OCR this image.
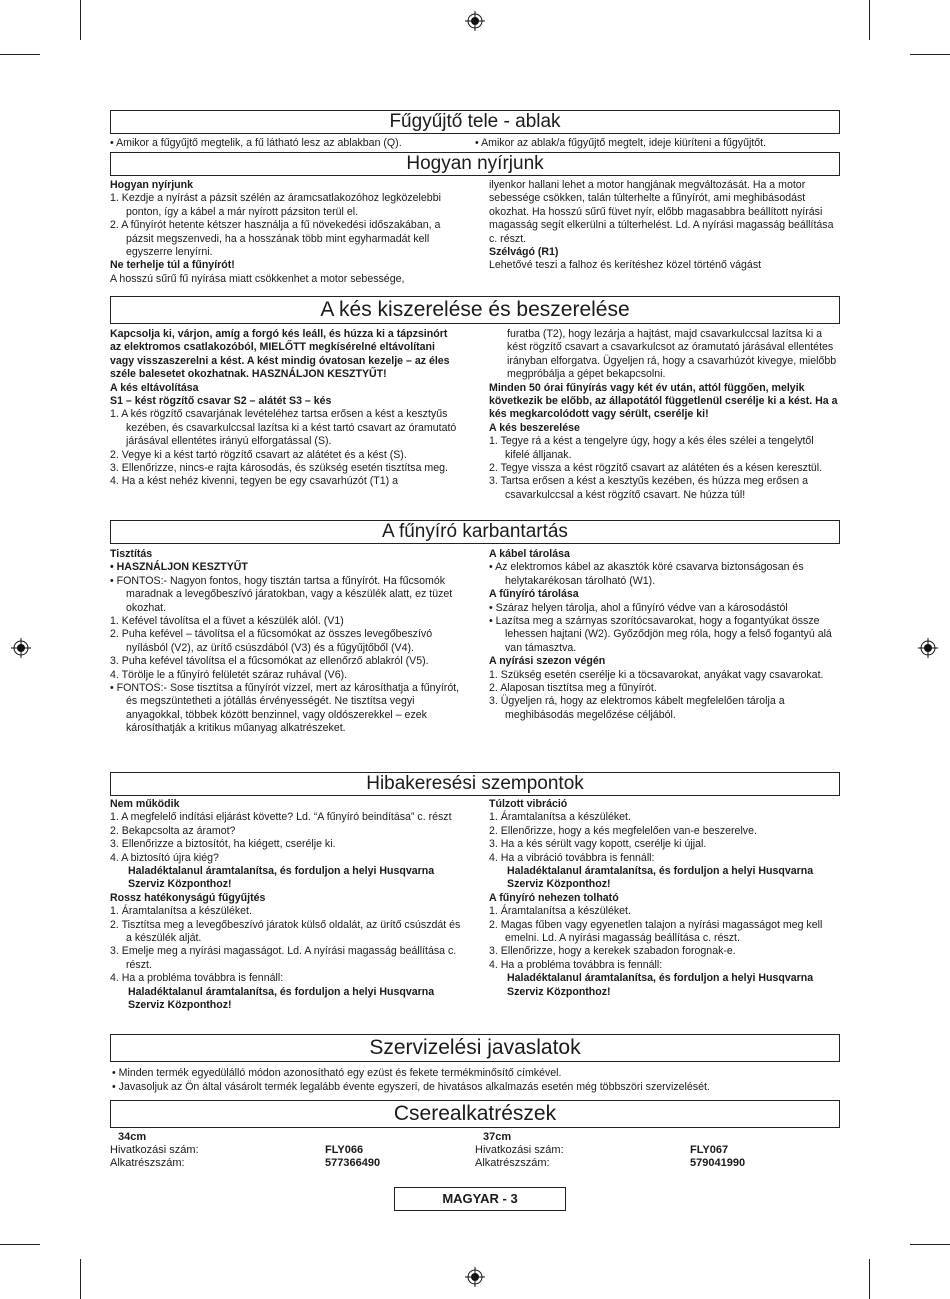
Fűgyűjtő tele - ablak
• Amikor a fűgyűjtő megtelik, a fű látható lesz az ablakban (Q).	• Amikor az ablak/a fűgyűjtő megtelt, ideje kiüríteni a fűgyűjtőt.
Hogyan nyírjunk

Hogyan nyírjunk

1. Kezdje a nyírást a pázsit szélén az áramcsatlakozóhoz legközelebbi ponton, így a kábel a már nyírott pázsiton terül el.

2. A fűnyírót hetente kétszer használja a fű növekedési időszakában, a pázsit megszenvedi, ha a hosszának több mint egyharmadát kell egyszerre lenyírni.

Ne terhelje túl a fűnyírót!

A hosszú sűrű fű nyírása miatt csökkenhet a motor sebessége,

ilyenkor hallani lehet a motor hangjának megváltozását. Ha a motor sebessége csökken, talán túlterhelte a fűnyírót, ami meghibásodást okozhat. Ha hosszú sűrű füvet nyír, előbb magasabbra beállított nyírási magasság segít elkerülni a túlterhelést. Ld. A nyírási magasság beállítása c. részt.

Szélvágó (R1)

Lehetővé teszi a falhoz és kerítéshez közel történő vágást

A kés kiszerelése és beszerelése

Kapcsolja ki, várjon, amíg a forgó kés leáll, és húzza ki a tápzsinórt az elektromos csatlakozóból, MIELŐTT megkísérelné eltávolítani vagy visszaszerelni a kést. A kést mindig óvatosan kezelje – az éles széle balesetet okozhatnak. HASZNÁLJON KESZTYŰT!

A kés eltávolítása

S1 – kést rögzítő csavar S2 – alátét S3 – kés

1. A kés rögzítő csavarjának levételéhez tartsa erősen a kést a kesztyűs kezében, és csavarkulccsal lazítsa ki a kést tartó csavart az óramutató járásával ellentétes irányú elforgatással (S).

2. Vegye ki a kést tartó rögzítő csavart az alátétet és a kést (S).

3. Ellenőrizze, nincs-e rajta károsodás, és szükség esetén tisztítsa meg.

4. Ha a kést nehéz kivenni, tegyen be egy csavarhúzót (T1) a

furatba (T2), hogy lezárja a hajtást, majd csavarkulccsal lazítsa ki a kést rögzítő csavart a csavarkulcsot az óramutató járásával ellentétes irányban elforgatva. Ügyeljen rá, hogy a csavarhúzót kivegye, mielőbb megpróbálja a gépet bekapcsolni.

Minden 50 órai fűnyírás vagy két év után, attól függően, melyik következik be előbb, az állapotától függetlenül cserélje ki a kést. Ha a kés megkarcolódott vagy sérült, cserélje ki!

A kés beszerelése

1. Tegye rá a kést a tengelyre úgy, hogy a kés éles szélei a tengelytől kifelé álljanak.

2. Tegye vissza a kést rögzítő csavart az alátéten és a késen keresztül.

3. Tartsa erősen a kést a kesztyűs kezében, és húzza meg erősen a csavarkulccsal a kést rögzítő csavart. Ne húzza túl!

A fűnyíró karbantartás

Tisztítás

• HASZNÁLJON KESZTYŰT

• FONTOS:- Nagyon fontos, hogy tisztán tartsa a fűnyírót. Ha fűcsomók maradnak a levegőbeszívó járatokban, vagy a készülék alatt, ez tüzet okozhat.

1. Kefével távolítsa el a füvet a készülék alól. (V1)

2. Puha kefével – távolítsa el a fűcsomókat az összes levegőbeszívó nyílásból (V2), az ürítő csúszdából (V3) és a fűgyűjtőből (V4).

3. Puha kefével távolítsa el a fűcsomókat az ellenőrző ablakról (V5).

4. Törölje le a fűnyíró felületét száraz ruhával (V6).

• FONTOS:- Sose tisztítsa a fűnyírót vízzel, mert az károsíthatja a fűnyírót, és megszüntetheti a jótállás érvényességét. Ne tisztítsa vegyi anyagokkal, többek között benzinnel, vagy oldószerekkel – ezek károsíthatják a kritikus műanyag alkatrészeket.

A kábel tárolása

• Az elektromos kábel az akasztók köré csavarva biztonságosan és helytakarékosan tárolható (W1).

A fűnyíró tárolása

• Száraz helyen tárolja, ahol a fűnyíró védve van a károsodástól

• Lazítsa meg a szárnyas szorítócsavarokat, hogy a fogantyúkat össze lehessen hajtani (W2). Győződjön meg róla, hogy a felső fogantyú alá van támasztva.

A nyírási szezon végén

1. Szükség esetén cserélje ki a töcsavarokat, anyákat vagy csavarokat.

2. Alaposan tisztítsa meg a fűnyírót.

3. Ügyeljen rá, hogy az elektromos kábelt megfelelően tárolja a meghibásodás megelőzése céljából.

Hibakeresési szempontok

Nem működik

1. A megfelelő indítási eljárást követte? Ld. “A fűnyíró beindítása” c. részt

2. Bekapcsolta az áramot?

3. Ellenőrizze a biztosítót, ha kiégett, cserélje ki.

4. A biztosító újra kiég?

Haladéktalanul áramtalanítsa, és forduljon a helyi Husqvarna Szerviz Központhoz!

Rossz hatékonyságú fűgyűjtés

1. Áramtalanítsa a készüléket.

2. Tisztítsa meg a levegőbeszívó járatok külső oldalát, az ürítő csúszdát és a készülék alját.

3. Emelje meg a nyírási magasságot. Ld. A nyírási magasság beállítása c. részt.

4. Ha a probléma továbbra is fennáll:

Haladéktalanul áramtalanítsa, és forduljon a helyi Husqvarna Szerviz Központhoz!

Túlzott vibráció

1. Áramtalanítsa a készüléket.

2. Ellenőrizze, hogy a kés megfelelően van-e beszerelve.

3. Ha a kés sérült vagy kopott, cserélje ki újjal.

4. Ha a vibráció továbbra is fennáll:

Haladéktalanul áramtalanítsa, és forduljon a helyi Husqvarna Szerviz Központhoz!

A fűnyíró nehezen tolható

1. Áramtalanítsa a készüléket.

2. Magas fűben vagy egyenetlen talajon a nyírási magasságot meg kell emelni. Ld. A nyírási magasság beállítása c. részt.

3. Ellenőrizze, hogy a kerekek szabadon forognak-e.

4. Ha a probléma továbbra is fennáll:

Haladéktalanul áramtalanítsa, és forduljon a helyi Husqvarna Szerviz Központhoz!

Szervizelési javaslatok

• Minden termék egyedülálló módon azonosítható egy ezüst és fekete termékminősítő címkével.

• Javasoljuk az Ön által vásárolt termék legalább évente egyszeri, de hivatásos alkalmazás esetén még többszöri szervizelését.

Cserealkatrészek
34cm
Hivatkozási szám:	FLY066
Alkatrészszám:	577366490
37cm
Hivatkozási szám:	FLY067
Alkatrészszám:	579041990
MAGYAR - 3
